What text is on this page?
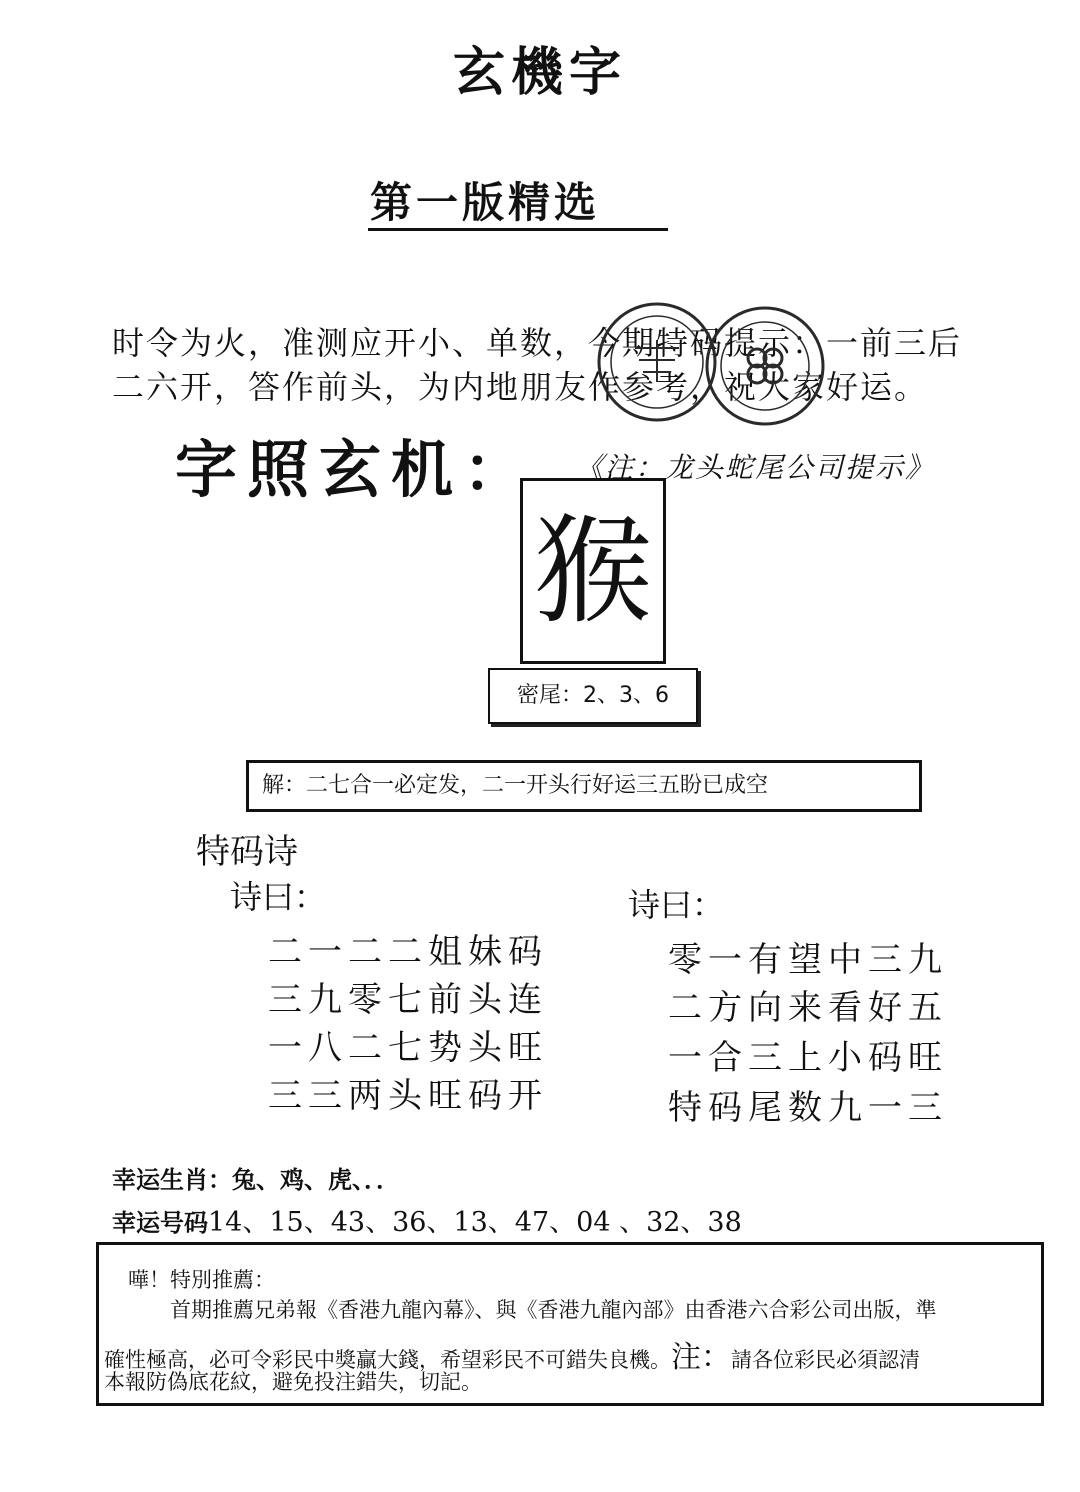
玄機字
第一版精选
时令为火，准测应开小、单数，今期特码提示：一前三后
二六开，答作前头，为内地朋友作参考，祝大家好运。
字照玄机： 《注：龙头蛇尾公司提示》
猴
密尾：2、3、6
解：二七合一必定发，二一开头行好运三五盼已成空
特码诗
诗曰：	诗曰：
二一二二姐妹码
三九零七前头连
一八二七势头旺
三三两头旺码开
零一有望中三九
二方向来看好五
一合三上小码旺
特码尾数九一三
幸运生肖：兔、鸡、虎、．．
幸运号码14、15、43、36、13、47、04 、32、38
嘩！特別推薦：
首期推薦兄弟報《香港九龍內幕》、與《香港九龍內部》由香港六合彩公司出版，準
確性極高，必可令彩民中獎贏大錢，希望彩民不可錯失良機。注：請各位彩民必須認清
本報防偽底花紋，避免投注錯失，切記。
